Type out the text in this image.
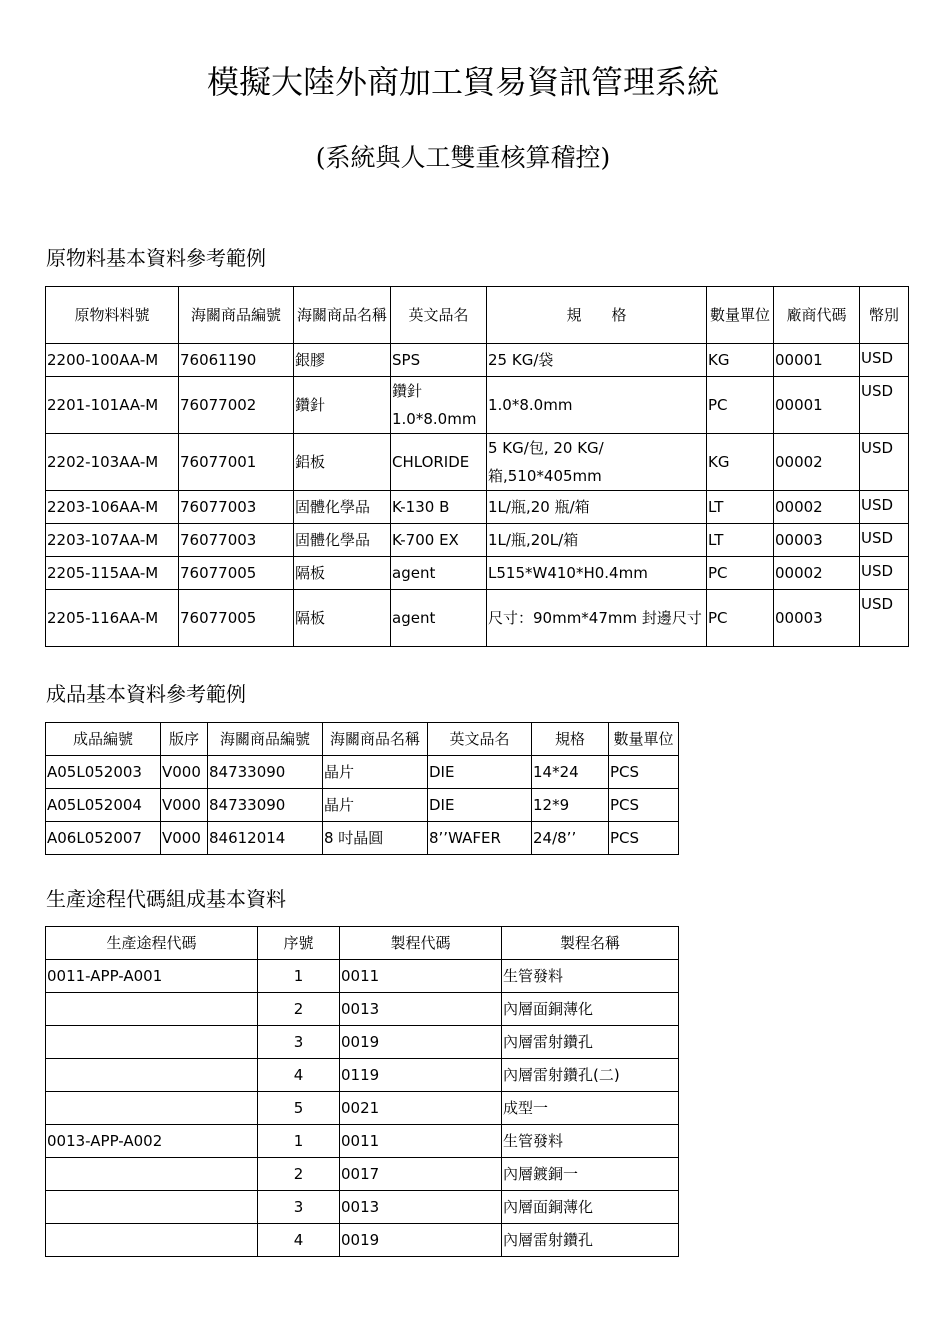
模擬大陸外商加工貿易資訊管理系統
(系統與人工雙重核算稽控)
原物料基本資料參考範例
原物料料號	海關商品編號	海關商品名稱	英文品名	規　　格	數量單位	廠商代碼	幣別
2200-100AA-M	76061190	銀膠	SPS	25 KG/袋	KG	00001	USD
2201-101AA-M	76077002	鑽針	鑽針 1.0*8.0mm	1.0*8.0mm	PC	00001	USD
2202-103AA-M	76077001	鋁板	CHLORIDE	5 KG/包, 20 KG/箱,510*405mm	KG	00002	USD
2203-106AA-M	76077003	固體化學品	K-130 B	1L/瓶,20 瓶/箱	LT	00002	USD
2203-107AA-M	76077003	固體化學品	K-700 EX	1L/瓶,20L/箱	LT	00003	USD
2205-115AA-M	76077005	隔板	agent	L515*W410*H0.4mm	PC	00002	USD
2205-116AA-M	76077005	隔板	agent	尺寸：90mm*47mm 封邊尺寸	PC	00003	USD
成品基本資料參考範例
成品編號	版序	海關商品編號	海關商品名稱	英文品名	規格	數量單位
A05L052003	V000	84733090	晶片	DIE	14*24	PCS
A05L052004	V000	84733090	晶片	DIE	12*9	PCS
A06L052007	V000	84612014	8 吋晶圓	8’’WAFER	24/8’’	PCS
生產途程代碼組成基本資料
生產途程代碼	序號	製程代碼	製程名稱
0011-APP-A001	1	0011	生管發料
	2	0013	內層面銅薄化
	3	0019	內層雷射鑽孔
	4	0119	內層雷射鑽孔(二)
	5	0021	成型一
0013-APP-A002	1	0011	生管發料
	2	0017	內層鍍銅一
	3	0013	內層面銅薄化
	4	0019	內層雷射鑽孔
